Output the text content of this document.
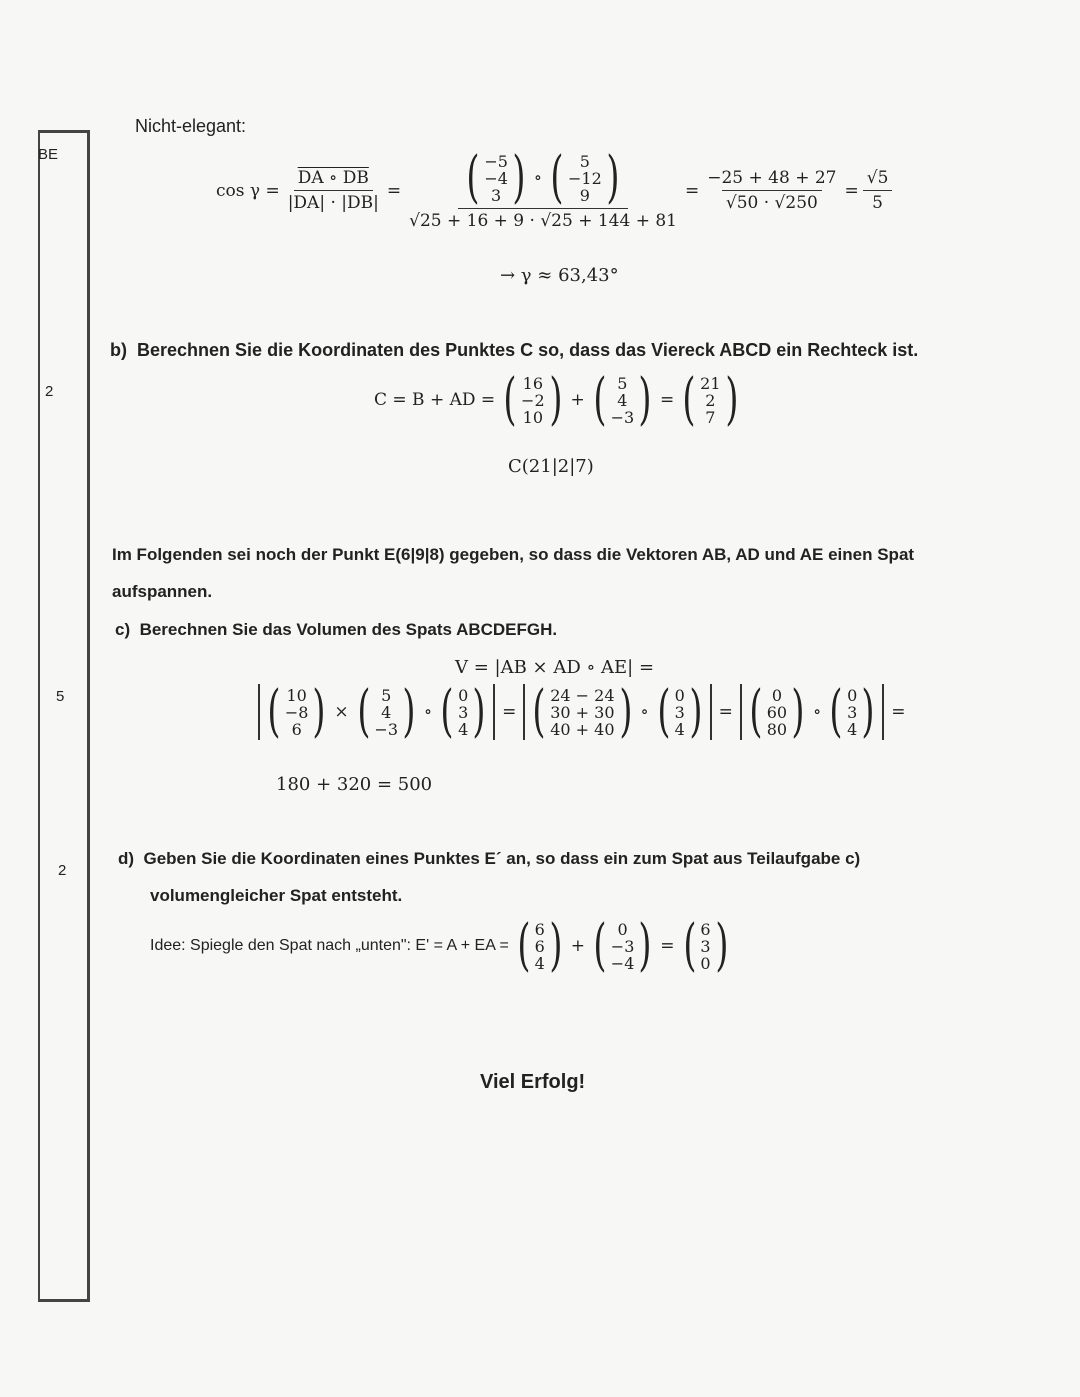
BE
2
5
2
Nicht-elegant:
$\cos \gamma = \frac{DA \circ DB}{|DA| \cdot |DB|}$ = ( −5
−4
3 ) ∘ ( 5
−12
9 )
$√25 + 16 + 9 \cdot √25 + 144 + 81 = \frac{-25 + 48 + 27}{√50 \cdot √250} = \frac{√5}{5}$
→ γ ≈ 63,43°
b) Berechnen Sie die Koordinaten des Punktes C so, dass das Viereck ABCD ein Rechteck ist.
C = B + AD = ( 16
−2
10 ) + ( 5
4
−3 ) = ( 21
2
7 )
C(21|2|7)
Im Folgenden sei noch der Punkt E(6|9|8) gegeben, so dass die Vektoren AB, AD und AE einen Spat
aufspannen.
c) Berechnen Sie das Volumen des Spats ABCDEFGH.
V = |AB × AD ∘ AE| =
( 10
−8
6 ) × ( 5
4
−3 ) ∘ ( 0
3
4 ) = ( 24 − 24
30 + 30
40 + 40 ) ∘ ( 0
3
4 ) = ( 0
60
80 ) ∘ ( 0
3
4 ) =
180 + 320 = 500
d) Geben Sie die Koordinaten eines Punktes E´ an, so dass ein zum Spat aus Teilaufgabe c)
volumengleicher Spat entsteht.
Idee: Spiegle den Spat nach „unten": E' = A + EA = ( 6
6
4 ) + ( 0
−3
−4 ) = ( 6
3
0 )
Viel Erfolg!
